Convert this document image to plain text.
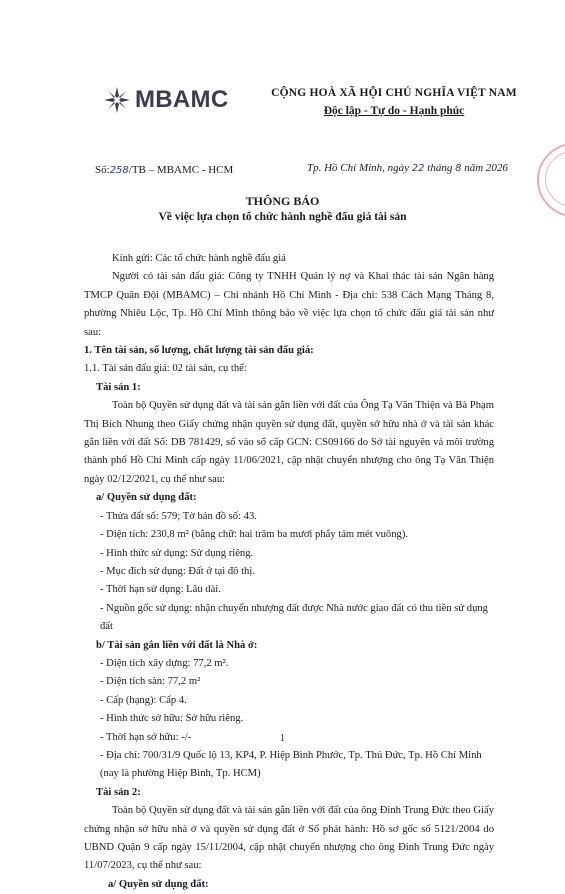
MBAMC	CỘNG HOÀ XÃ HỘI CHỦ NGHĨA VIỆT NAM
Độc lập - Tự do - Hạnh phúc
Số:258/TB – MBAMC - HCM	Tp. Hồ Chí Minh, ngày 22 tháng 8 năm 2026
THÔNG BÁO
Về việc lựa chọn tổ chức hành nghề đấu giá tài sản

Kính gửi: Các tổ chức hành nghề đấu giá

Người có tài sản đấu giá: Công ty TNHH Quản lý nợ và Khai thác tài sản Ngân hàng TMCP Quân Đội (MBAMC) – Chi nhánh Hồ Chí Minh - Địa chỉ: 538 Cách Mạng Tháng 8, phường Nhiêu Lộc, Tp. Hồ Chí Minh thông báo về việc lựa chọn tổ chức đấu giá tài sản như sau:

1. Tên tài sản, số lượng, chất lượng tài sản đấu giá:

1.1. Tài sản đấu giá: 02 tài sản, cụ thể:

Tài sản 1:

Toàn bộ Quyền sử dụng đất và tài sản gắn liền với đất của Ông Tạ Văn Thiện và Bà Phạm Thị Bích Nhung theo Giấy chứng nhận quyền sử dụng đất, quyền sở hữu nhà ở và tài sản khác gắn liền với đất Số: DB 781429, số vào sổ cấp GCN: CS09166 do Sở tài nguyên và môi trường thành phố Hồ Chí Minh cấp ngày 11/06/2021, cập nhật chuyển nhượng cho ông Tạ Văn Thiện ngày 02/12/2021, cụ thể như sau:

a/ Quyền sử dụng đất:

- Thửa đất số: 579; Tờ bản đồ số: 43.

- Diện tích: 230,8 m² (bằng chữ: hai trăm ba mươi phẩy tám mét vuông).

- Hình thức sử dụng: Sử dụng riêng.

- Mục đích sử dụng: Đất ở tại đô thị.

- Thời hạn sử dụng: Lâu dài.

- Nguồn gốc sử dụng: nhận chuyển nhượng đất được Nhà nước giao đất có thu tiền sử dụng đất

b/ Tài sản gắn liền với đất là Nhà ở:

- Diện tích xây dựng: 77,2 m².

- Diện tích sàn: 77,2 m²

- Cấp (hạng): Cấp 4.

- Hình thức sở hữu: Sở hữu riêng.

- Thời hạn sở hữu: -/-

- Địa chỉ: 700/31/9 Quốc lộ 13, KP4, P. Hiệp Bình Phước, Tp. Thủ Đức, Tp. Hồ Chí Minh (nay là phường Hiệp Bình, Tp. HCM)

Tài sản 2:

Toàn bộ Quyền sử dụng đất và tài sản gắn liền với đất của ông Đinh Trung Đức theo Giấy chứng nhận sở hữu nhà ở và quyền sử dụng đất ở Số phát hành: Hồ sơ gốc số 5121/2004 do UBND Quận 9 cấp ngày 15/11/2004, cập nhật chuyển nhượng cho ông Đinh Trung Đức ngày 11/07/2023, cụ thể như sau:

a/ Quyền sử dụng đất:

1
